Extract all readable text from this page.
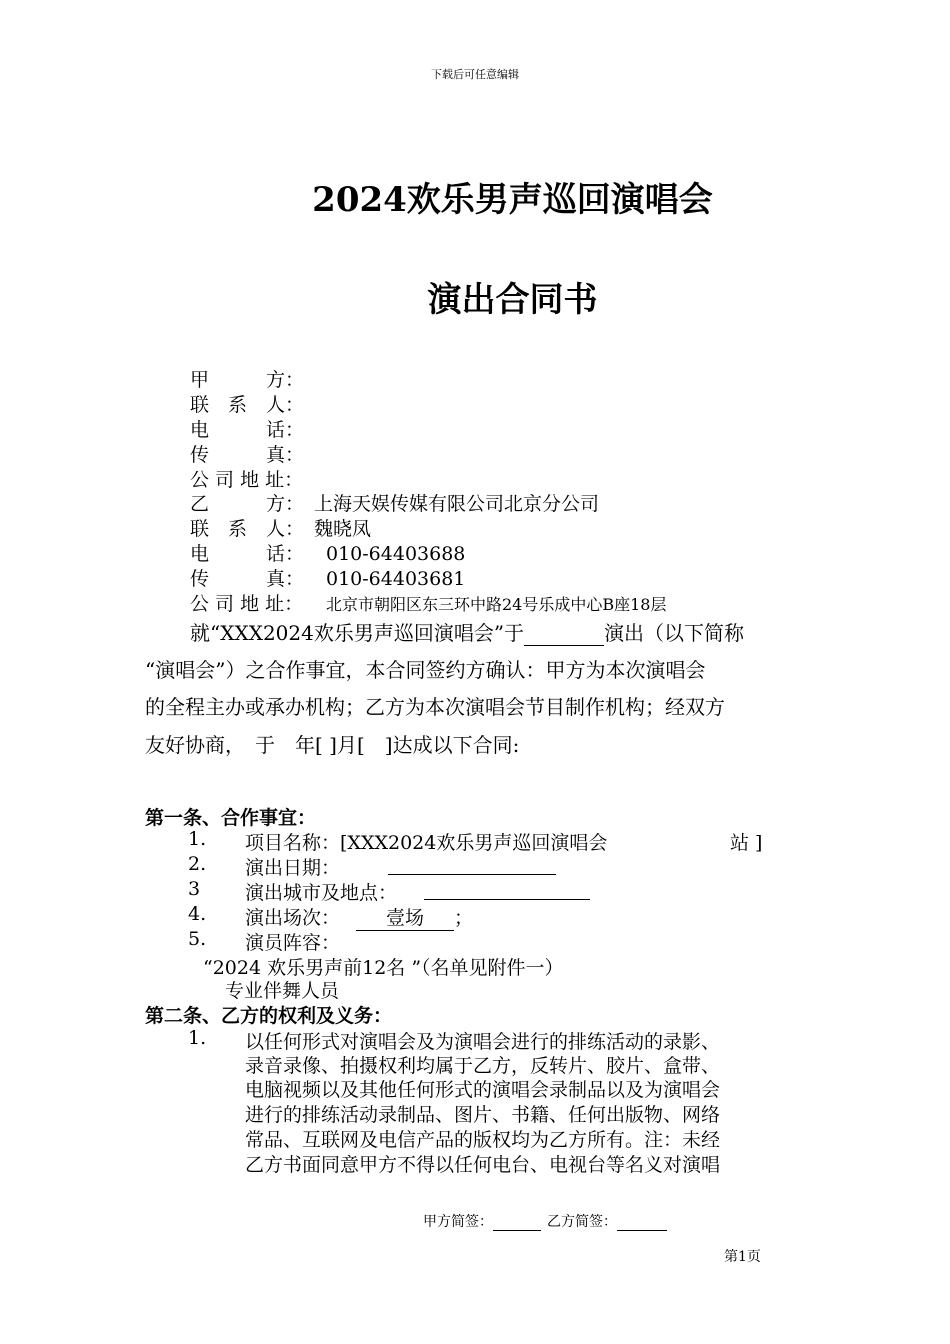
下载后可任意编辑
2024欢乐男声巡回演唱会
演出合同书
甲　　　方：
联　系　人：
电　　　话：
传　　　真：
公 司 地 址：
乙　　　方： 上海天娱传媒有限公司北京分公司
联　系　人： 魏晓凤
电　　　话： 010-64403688
传　　　真： 010-64403681
公 司 地 址： 北京市朝阳区东三环中路24号乐成中心B座18层
就“XXX2024欢乐男声巡回演唱会”于	演出（以下简称
“演唱会”）之合作事宜，本合同签约方确认：甲方为本次演唱会
的全程主办或承办机构；乙方为本次演唱会节目制作机构；经双方
友好协商，　于　年[ ]月[　]达成以下合同:
第一条、合作事宜：
1. 项目名称：[XXX2024欢乐男声巡回演唱会	站 ]
2. 演出日期：
3 演出城市及地点：
4. 演出场次：	壹场	；
5. 演员阵容：
“2024 欢乐男声前12名 ”（名单见附件一）
专业伴舞人员
第二条、乙方的权利及义务：
1. 以任何形式对演唱会及为演唱会进行的排练活动的录影、
录音录像、拍摄权利均属于乙方，反转片、胶片、盒带、
电脑视频以及其他任何形式的演唱会录制品以及为演唱会
进行的排练活动录制品、图片、书籍、任何出版物、网络
常品、互联网及电信产品的版权均为乙方所有。注：未经
乙方书面同意甲方不得以任何电台、电视台等名义对演唱
甲方简签：	乙方简签：
第1页
